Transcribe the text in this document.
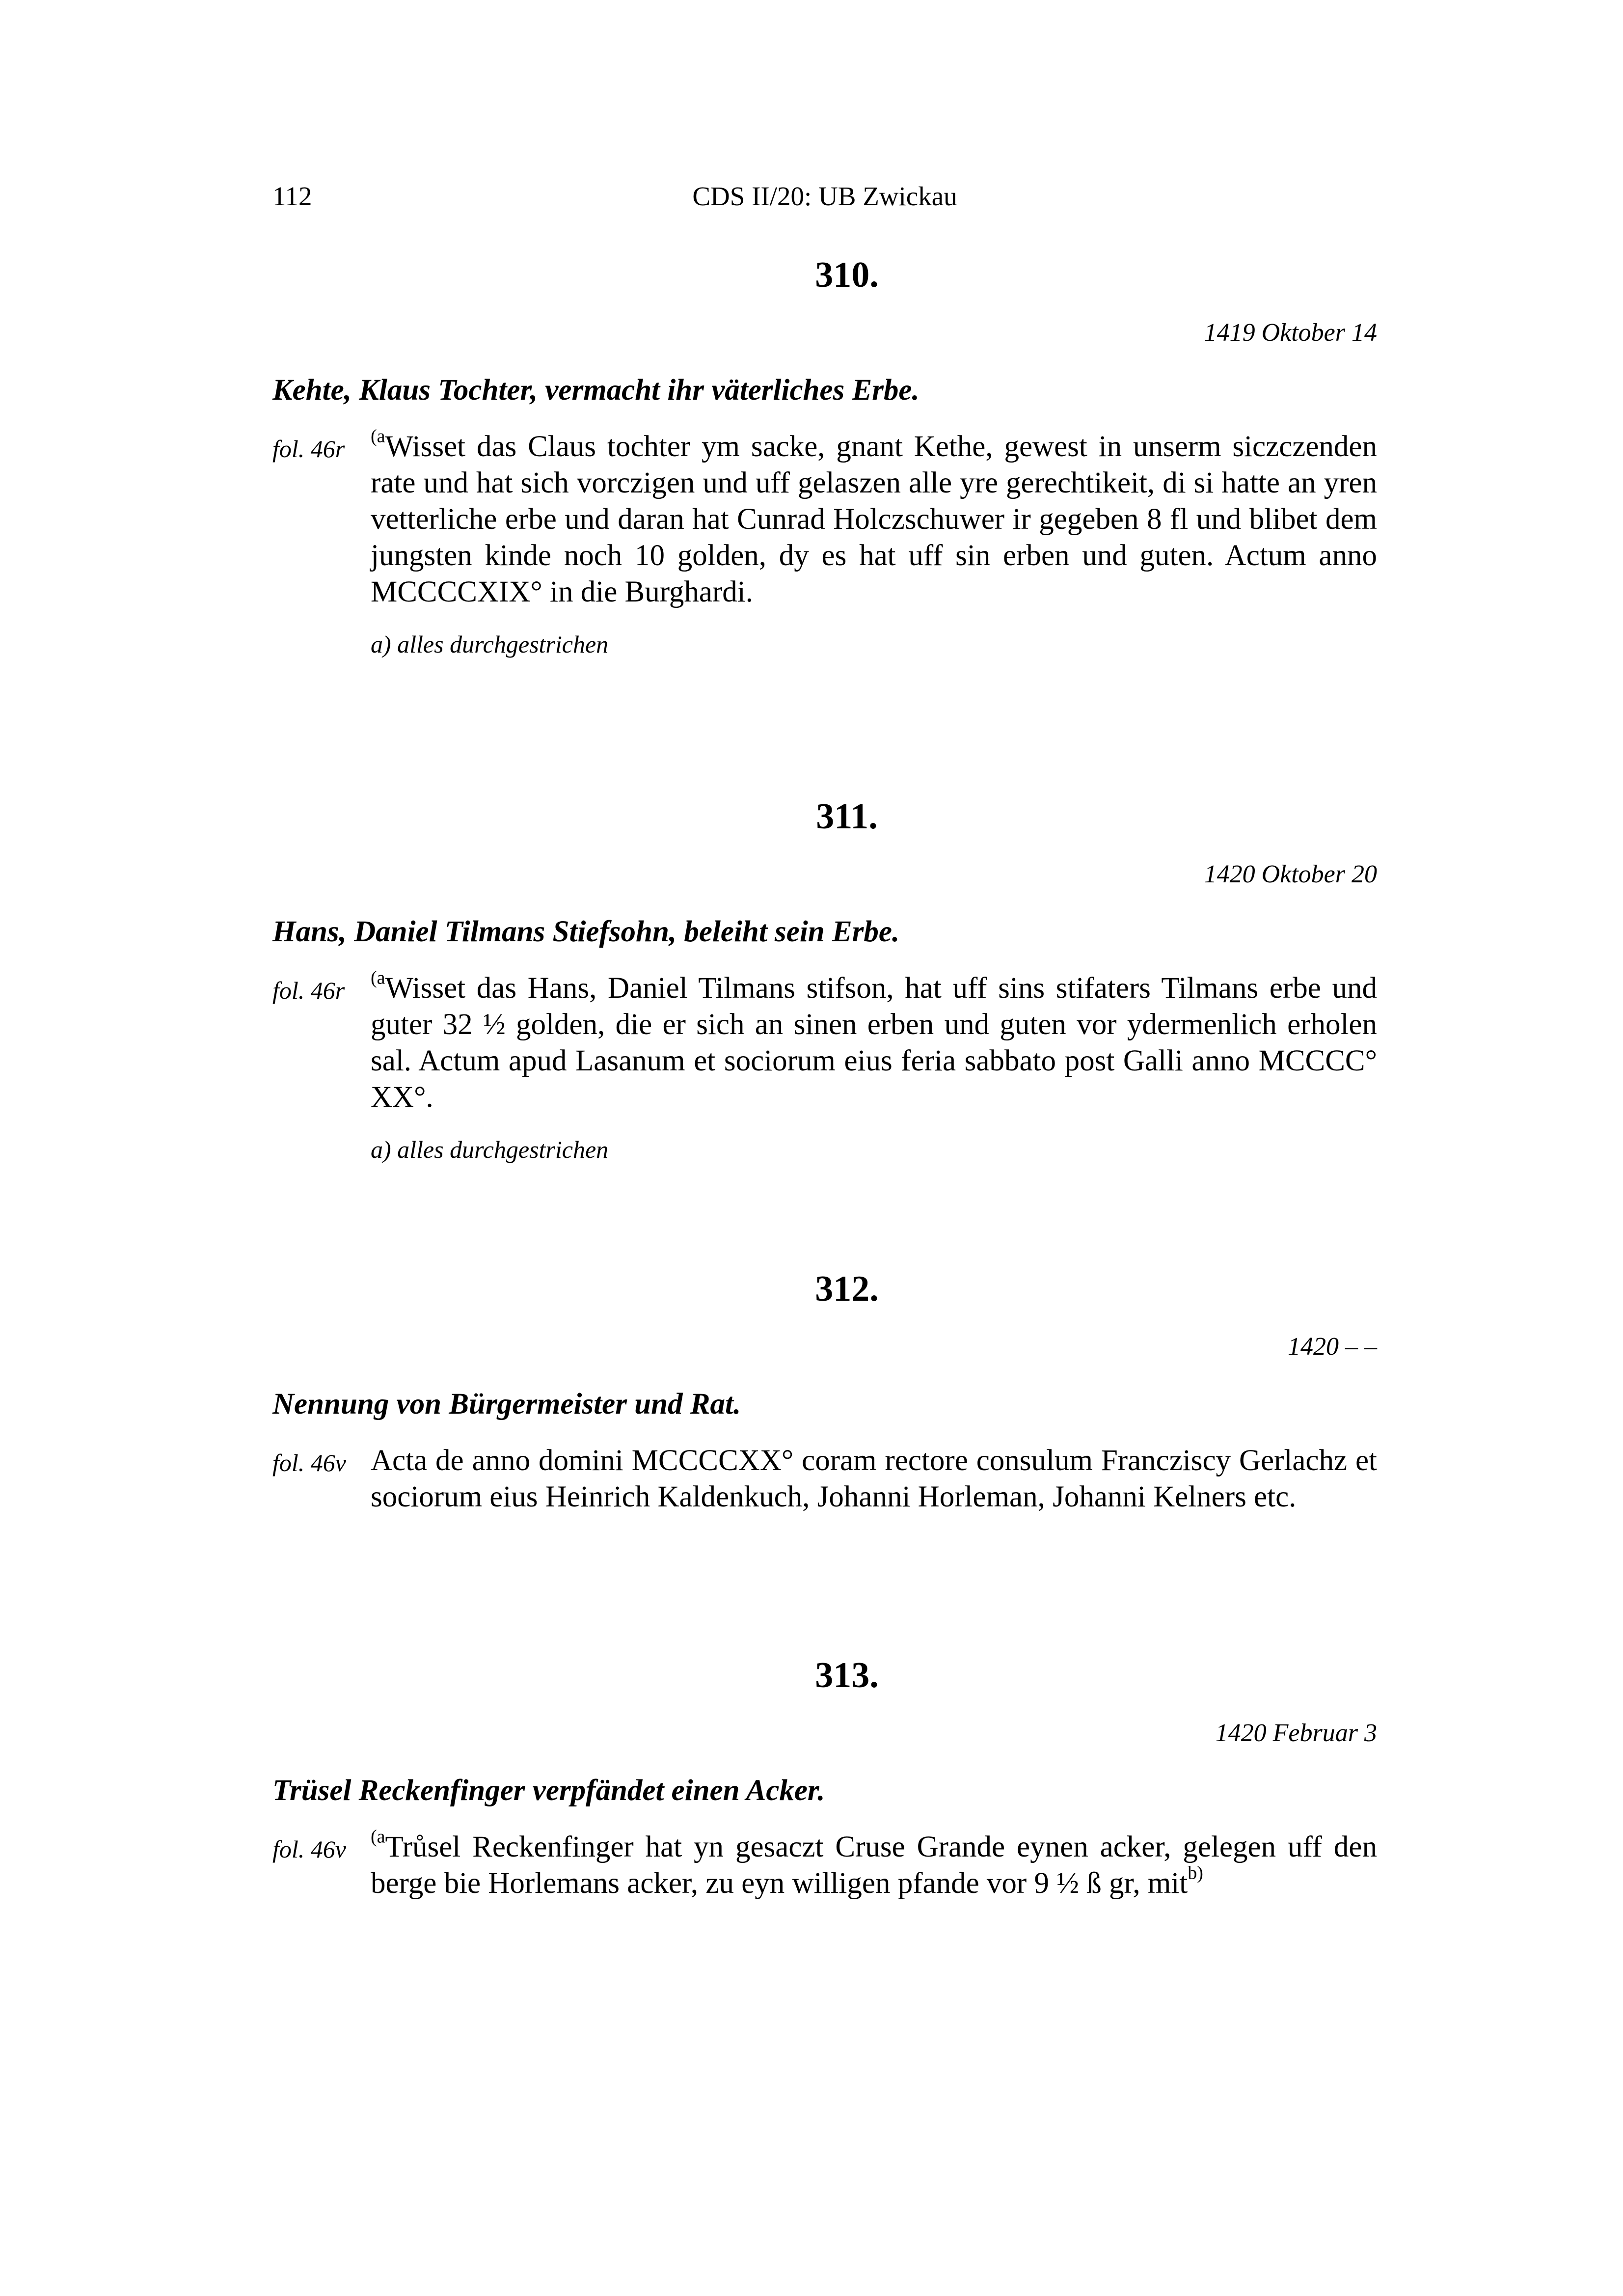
112	CDS II/20: UB Zwickau
310.
1419 Oktober 14
Kehte, Klaus Tochter, vermacht ihr väterliches Erbe.
fol. 46r $^{(a}$Wisset das Claus tochter ym sacke, gnant Kethe, gewest in unserm siczczenden rate und hat sich vorczigen und uff gelaszen alle yre gerechtikeit, di si hatte an yren vetterliche erbe und daran hat Cunrad Holczschuwer ir gegeben 8 fl und blibet dem jungsten kinde noch 10 golden, dy es hat uff sin erben und guten. Actum anno MCCCCXIX° in die Burghardi.

a) alles durchgestrichen
311.
1420 Oktober 20
Hans, Daniel Tilmans Stiefsohn, beleiht sein Erbe.
fol. 46r $^{(a}$Wisset das Hans, Daniel Tilmans stifson, hat uff sins stifaters Tilmans erbe und guter 32 ½ golden, die er sich an sinen erben und guten vor ydermenlich erholen sal. Actum apud Lasanum et sociorum eius feria sabbato post Galli anno MCCCC° XX°.

a) alles durchgestrichen
312.
1420 – –
Nennung von Bürgermeister und Rat.
fol. 46v Acta de anno domini MCCCCXX° coram rectore consulum Francziscy Gerlachz et sociorum eius Heinrich Kaldenkuch, Johanni Horleman, Johanni Kelners etc.

313.
1420 Februar 3
Trüsel Reckenfinger verpfändet einen Acker.
fol. 46v $^{(a}$Trůsel Reckenfinger hat yn gesaczt Cruse Grande eynen acker, gelegen uff den berge bie Horlemans acker, zu eyn willigen pfande vor 9 ½ ß gr, mit$^{b)}$
